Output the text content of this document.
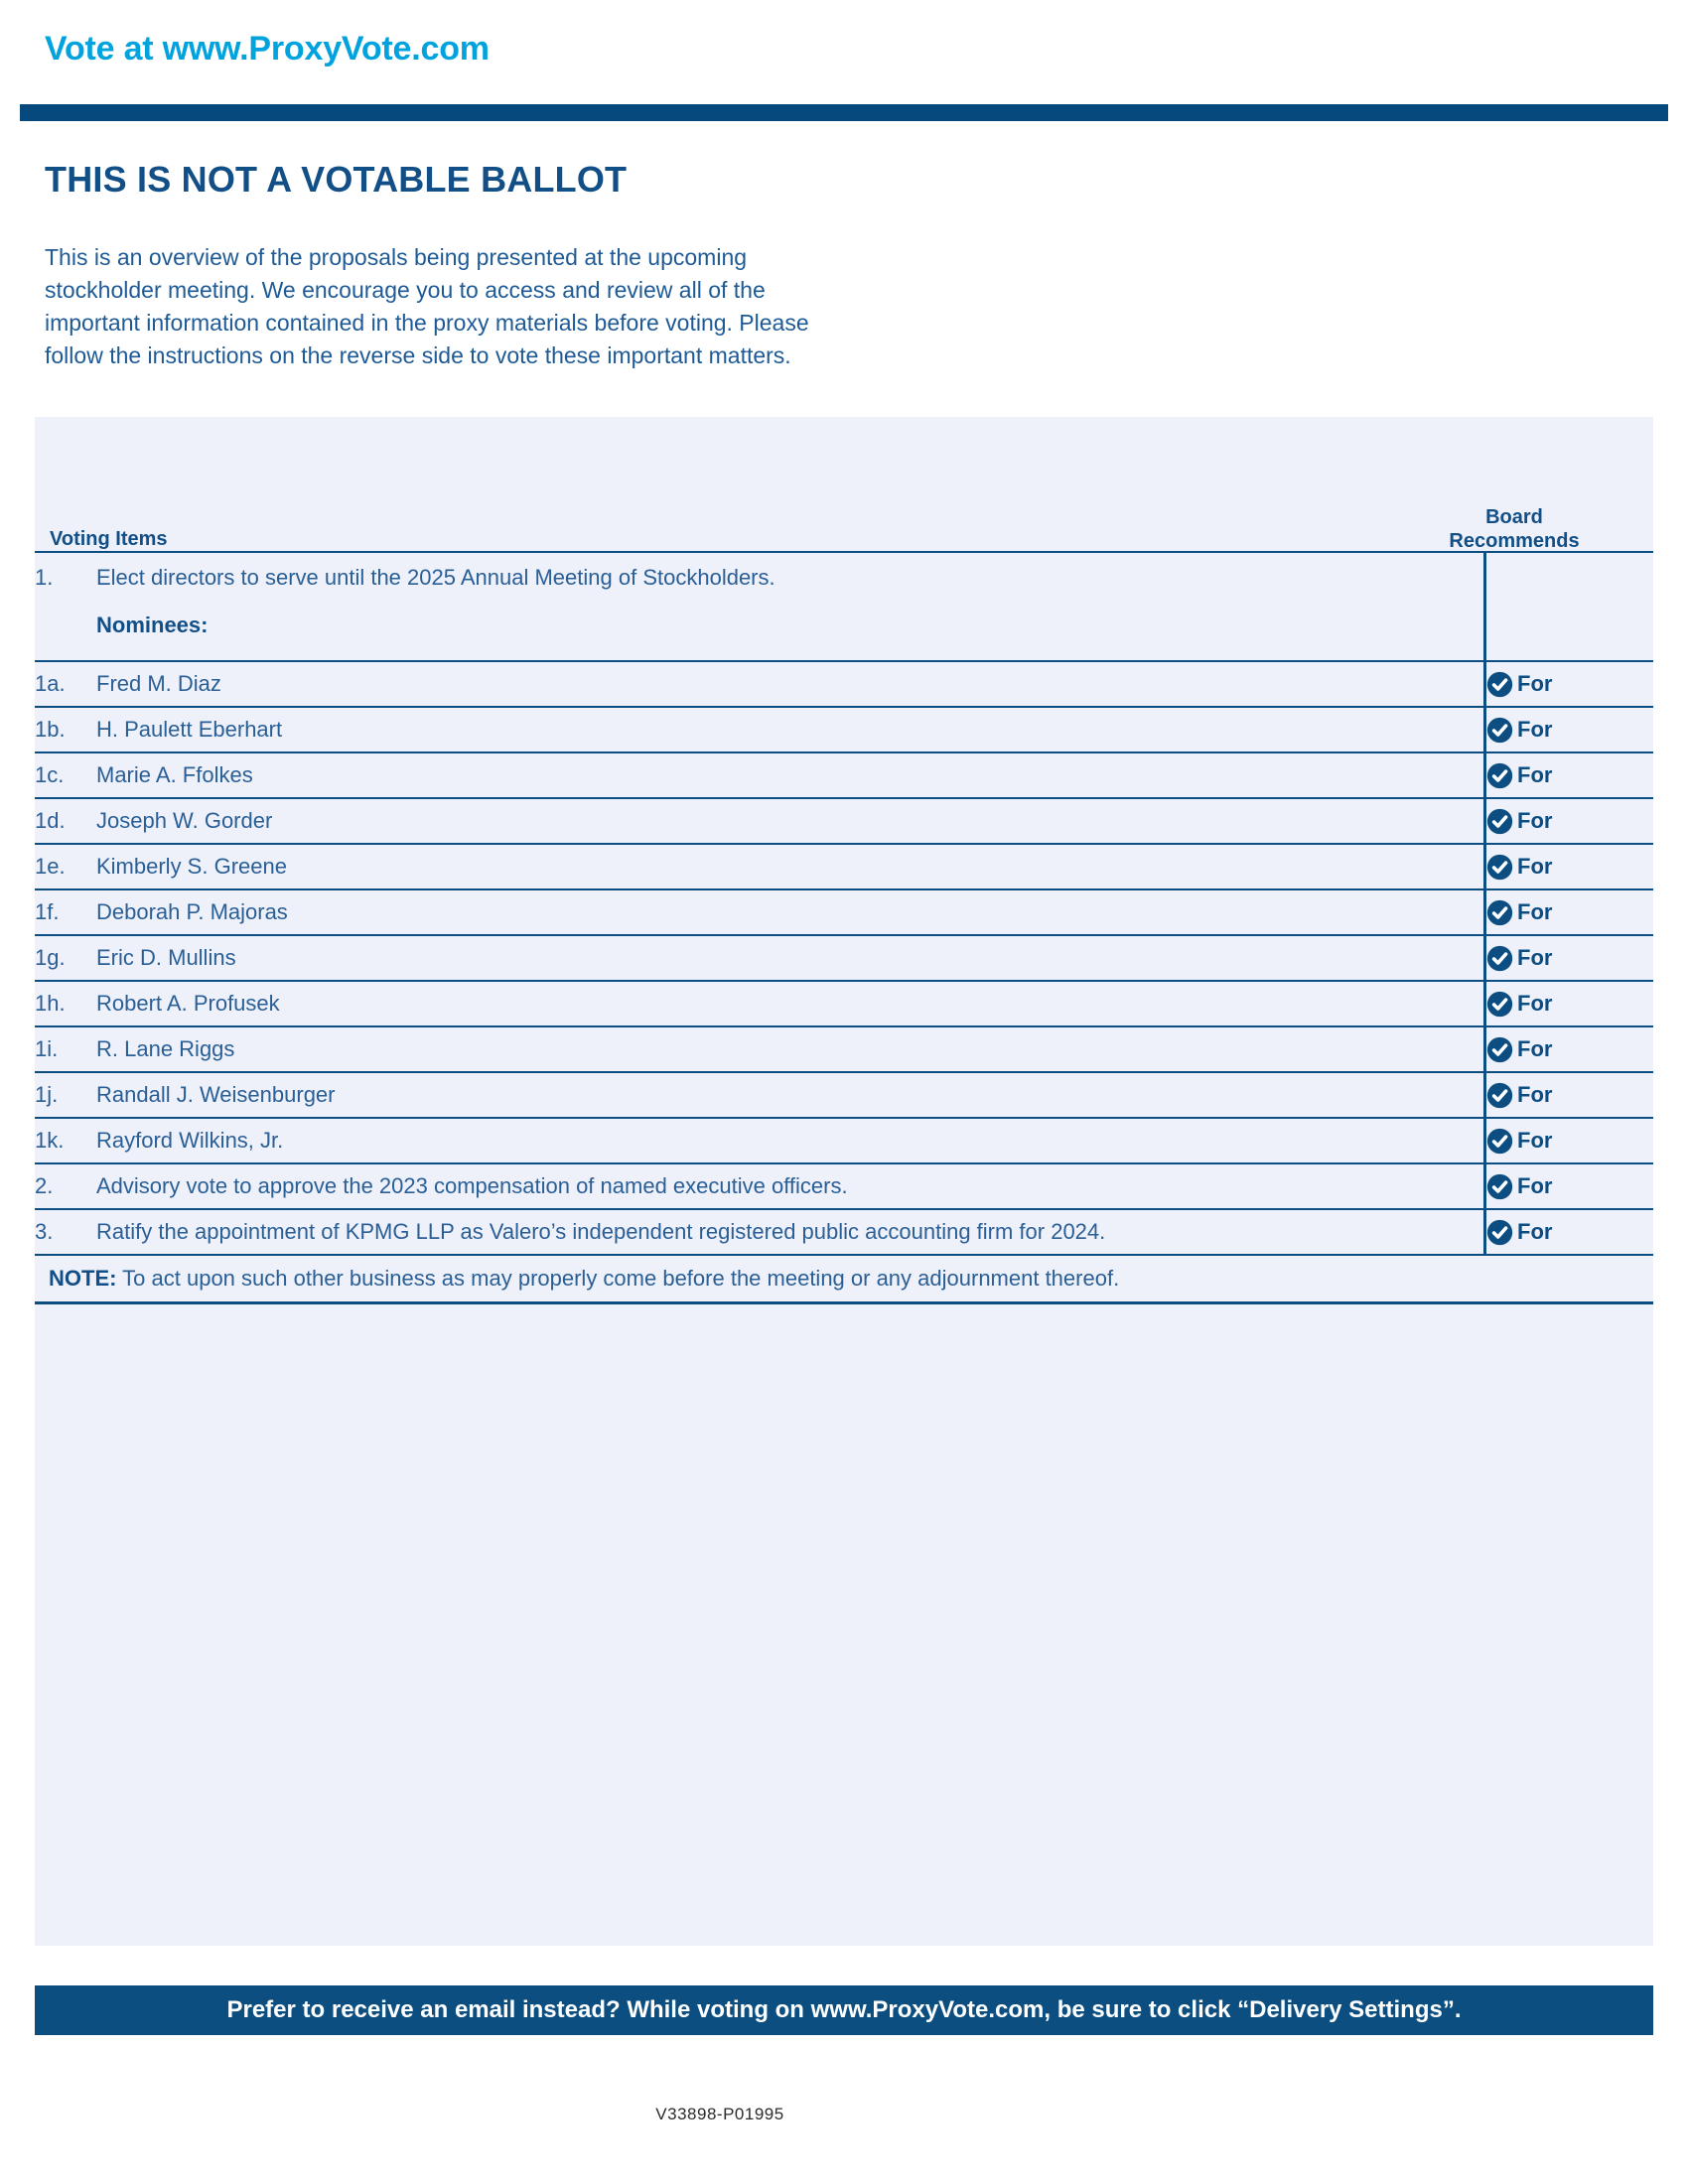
Vote at www.ProxyVote.com
THIS IS NOT A VOTABLE BALLOT
This is an overview of the proposals being presented at the upcoming stockholder meeting. We encourage you to access and review all of the important information contained in the proxy materials before voting. Please follow the instructions on the reverse side to vote these important matters.
Voting Items
Board
Recommends
1.	Elect directors to serve until the 2025 Annual Meeting of Stockholders.
Nominees:	

1a.	Fred M. Diaz	For

1b.	H. Paulett Eberhart	For

1c.	Marie A. Ffolkes	For

1d.	Joseph W. Gorder	For

1e.	Kimberly S. Greene	For

1f.	Deborah P. Majoras	For

1g.	Eric D. Mullins	For

1h.	Robert A. Profusek	For

1i.	R. Lane Riggs	For

1j.	Randall J. Weisenburger	For

1k.	Rayford Wilkins, Jr.	For

2.	Advisory vote to approve the 2023 compensation of named executive officers.	For

3.	Ratify the appointment of KPMG LLP as Valero’s independent registered public accounting firm for 2024.	For

NOTE: To act upon such other business as may properly come before the meeting or any adjournment thereof.		
Prefer to receive an email instead? While voting on www.ProxyVote.com, be sure to click “Delivery Settings”.
V33898-P01995
